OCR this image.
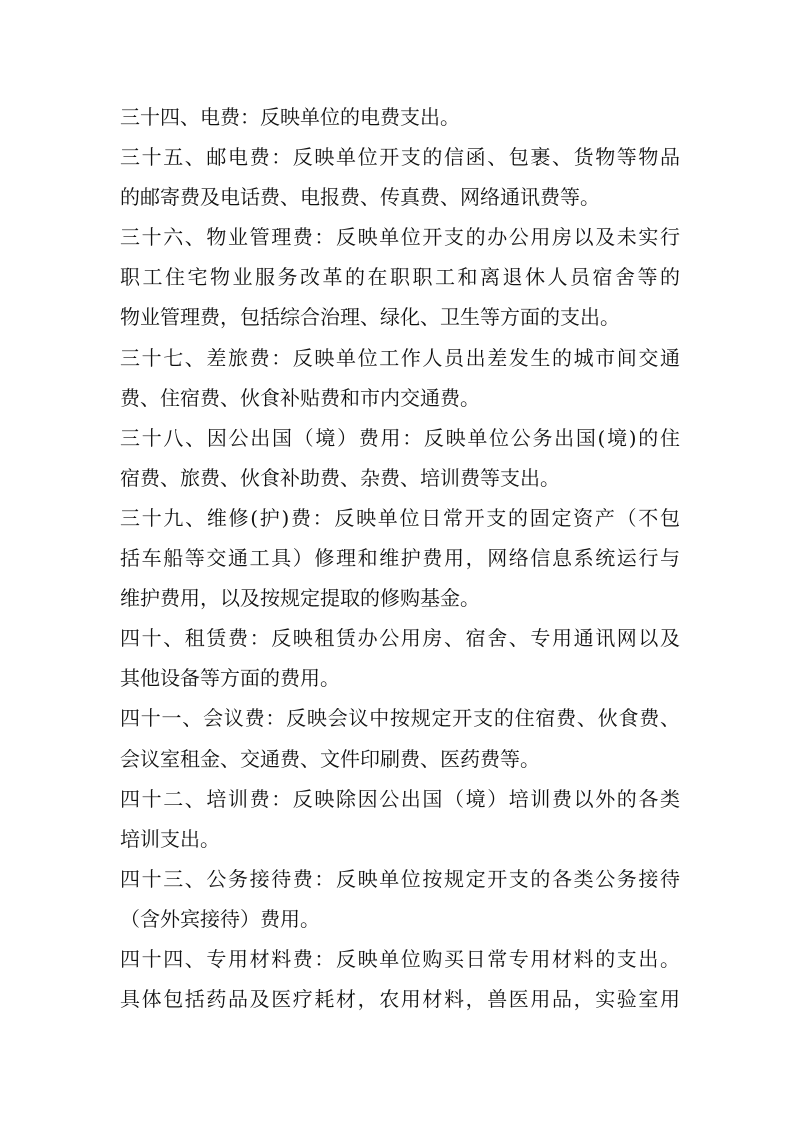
三十四、电费：反映单位的电费支出。
三十五、邮电费：反映单位开支的信函、包裹、货物等物品
的邮寄费及电话费、电报费、传真费、网络通讯费等。
三十六、物业管理费：反映单位开支的办公用房以及未实行
职工住宅物业服务改革的在职职工和离退休人员宿舍等的
物业管理费，包括综合治理、绿化、卫生等方面的支出。
三十七、差旅费：反映单位工作人员出差发生的城市间交通
费、住宿费、伙食补贴费和市内交通费。
三十八、因公出国（境）费用：反映单位公务出国(境)的住
宿费、旅费、伙食补助费、杂费、培训费等支出。
三十九、维修(护)费：反映单位日常开支的固定资产（不包
括车船等交通工具）修理和维护费用，网络信息系统运行与
维护费用，以及按规定提取的修购基金。
四十、租赁费：反映租赁办公用房、宿舍、专用通讯网以及
其他设备等方面的费用。
四十一、会议费：反映会议中按规定开支的住宿费、伙食费、
会议室租金、交通费、文件印刷费、医药费等。
四十二、培训费：反映除因公出国（境）培训费以外的各类
培训支出。
四十三、公务接待费：反映单位按规定开支的各类公务接待
（含外宾接待）费用。
四十四、专用材料费：反映单位购买日常专用材料的支出。
具体包括药品及医疗耗材，农用材料，兽医用品，实验室用
